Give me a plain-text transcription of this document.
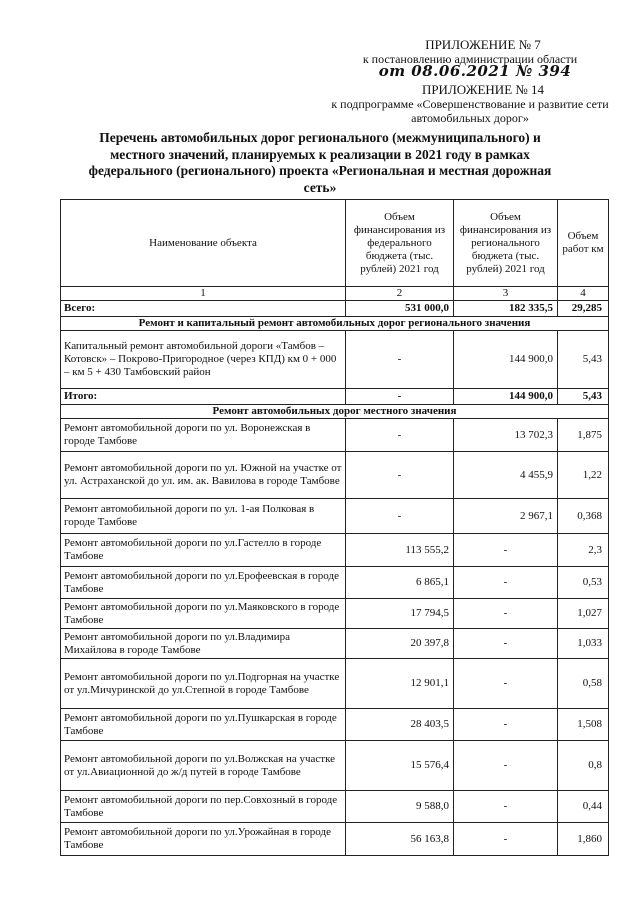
ПРИЛОЖЕНИЕ № 7
к постановлению администрации области
от 08.06.2021 № 394
ПРИЛОЖЕНИЕ № 14
к подпрограмме «Совершенствование и развитие сети автомобильных дорог»
Перечень автомобильных дорог регионального (межмуниципального) и местного значений, планируемых к реализации в 2021 году в рамках федерального (регионального) проекта «Региональная и местная дорожная сеть»
Наименование объекта	Объем финансирования из федерального бюджета (тыс. рублей) 2021 год	Объем финансирования из регионального бюджета (тыс. рублей) 2021 год	Объем работ км
1	2	3	4
Всего:	531 000,0	182 335,5	29,285
Ремонт и капитальный ремонт автомобильных дорог регионального значения			
Капитальный ремонт автомобильной дороги «Тамбов – Котовск» – Покрово-Пригородное (через КПД) км 0 + 000 – км 5 + 430 Тамбовский район	-	144 900,0	5,43
Итого:	-	144 900,0	5,43
Ремонт автомобильных дорог местного значения			
Ремонт автомобильной дороги по ул. Воронежская в городе Тамбове	-	13 702,3	1,875
Ремонт автомобильной дороги по ул. Южной на участке от ул. Астраханской до ул. им. ак. Вавилова в городе Тамбове	-	4 455,9	1,22
Ремонт автомобильной дороги по ул. 1-ая Полковая в городе Тамбове	-	2 967,1	0,368
Ремонт автомобильной дороги по ул.Гастелло в городе Тамбове	113 555,2	-	2,3
Ремонт автомобильной дороги по ул.Ерофеевская в городе Тамбове	6 865,1	-	0,53
Ремонт автомобильной дороги по ул.Маяковского в городе Тамбове	17 794,5	-	1,027
Ремонт автомобильной дороги по ул.Владимира Михайлова в городе Тамбове	20 397,8	-	1,033
Ремонт автомобильной дороги по ул.Подгорная на участке от ул.Мичуринской до ул.Степной в городе Тамбове	12 901,1	-	0,58
Ремонт автомобильной дороги по ул.Пушкарская в городе Тамбове	28 403,5	-	1,508
Ремонт автомобильной дороги по ул.Волжская на участке от ул.Авиационной до ж/д путей в городе Тамбове	15 576,4	-	0,8
Ремонт автомобильной дороги по пер.Совхозный в городе Тамбове	9 588,0	-	0,44
Ремонт автомобильной дороги по ул.Урожайная в городе Тамбове	56 163,8	-	1,860
